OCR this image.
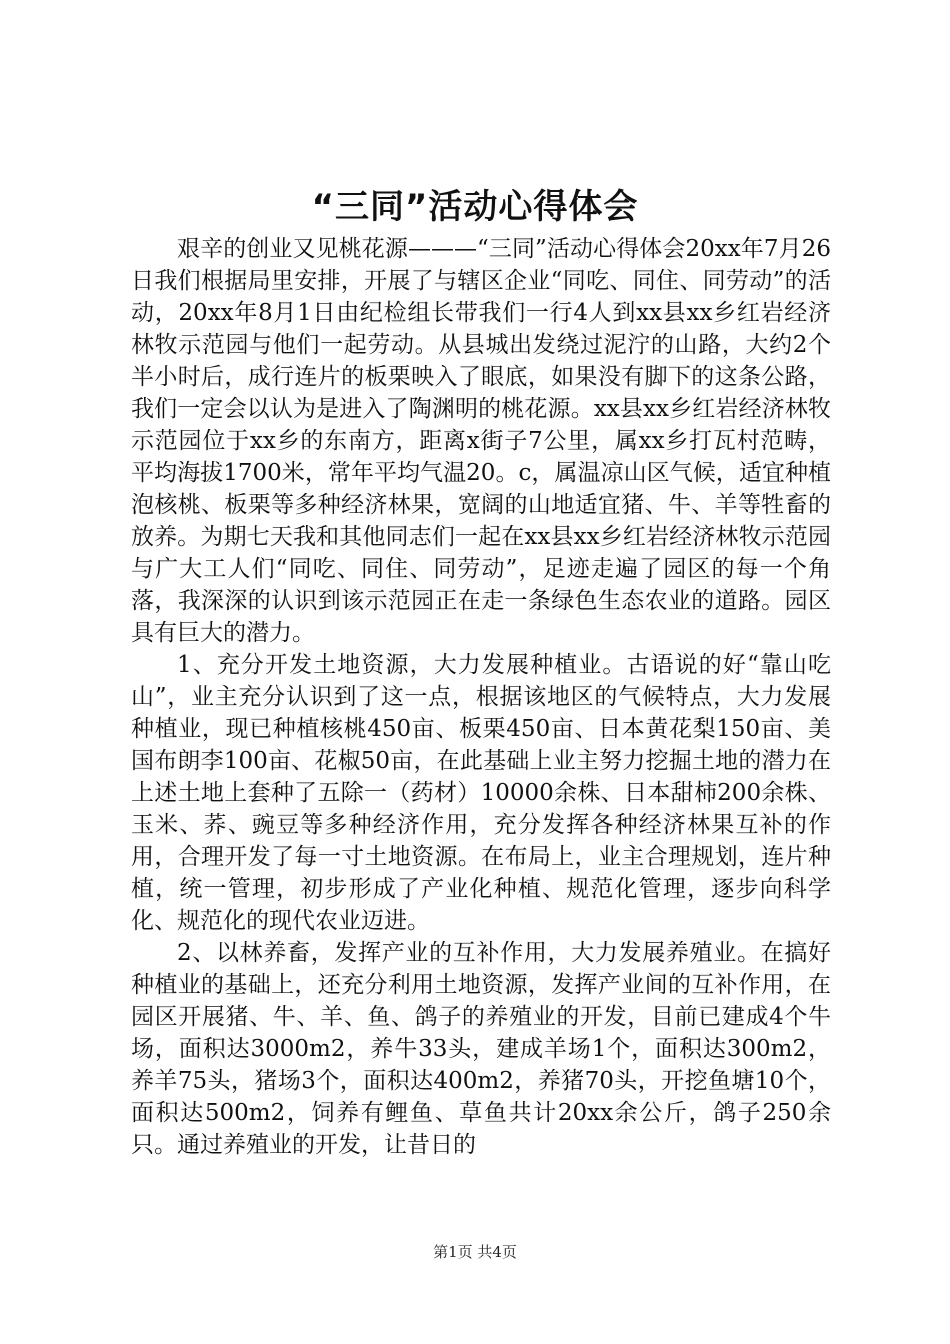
“三同”活动心得体会

艰辛的创业又见桃花源———“三同”活动心得体会20xx年7月26日我们根据局里安排，开展了与辖区企业“同吃、同住、同劳动”的活动，20xx年8月1日由纪检组长带我们一行4人到xx县xx乡红岩经济林牧示范园与他们一起劳动。从县城出发绕过泥泞的山路，大约2个半小时后，成行连片的板栗映入了眼底，如果没有脚下的这条公路，我们一定会以认为是进入了陶渊明的桃花源。xx县xx乡红岩经济林牧示范园位于xx乡的东南方，距离x街子7公里，属xx乡打瓦村范畴，平均海拔1700米，常年平均气温20。c，属温凉山区气候，适宜种植泡核桃、板栗等多种经济林果，宽阔的山地适宜猪、牛、羊等牲畜的放养。为期七天我和其他同志们一起在xx县xx乡红岩经济林牧示范园与广大工人们“同吃、同住、同劳动”，足迹走遍了园区的每一个角落，我深深的认识到该示范园正在走一条绿色生态农业的道路。园区具有巨大的潜力。

1、充分开发土地资源，大力发展种植业。古语说的好“靠山吃山”，业主充分认识到了这一点，根据该地区的气候特点，大力发展种植业，现已种植核桃450亩、板栗450亩、日本黄花梨150亩、美国布朗李100亩、花椒50亩，在此基础上业主努力挖掘土地的潜力在上述土地上套种了五除一（药材）10000余株、日本甜柿200余株、玉米、荞、豌豆等多种经济作用，充分发挥各种经济林果互补的作用，合理开发了每一寸土地资源。在布局上，业主合理规划，连片种植，统一管理，初步形成了产业化种植、规范化管理，逐步向科学化、规范化的现代农业迈进。

2、以林养畜，发挥产业的互补作用，大力发展养殖业。在搞好种植业的基础上，还充分利用土地资源，发挥产业间的互补作用，在园区开展猪、牛、羊、鱼、鸽子的养殖业的开发，目前已建成4个牛场，面积达3000m2，养牛33头，建成羊场1个，面积达300m2，养羊75头，猪场3个，面积达400m2，养猪70头，开挖鱼塘10个，面积达500m2，饲养有鲤鱼、草鱼共计20xx余公斤，鸽子250余只。通过养殖业的开发，让昔日的

第1页 共4页
